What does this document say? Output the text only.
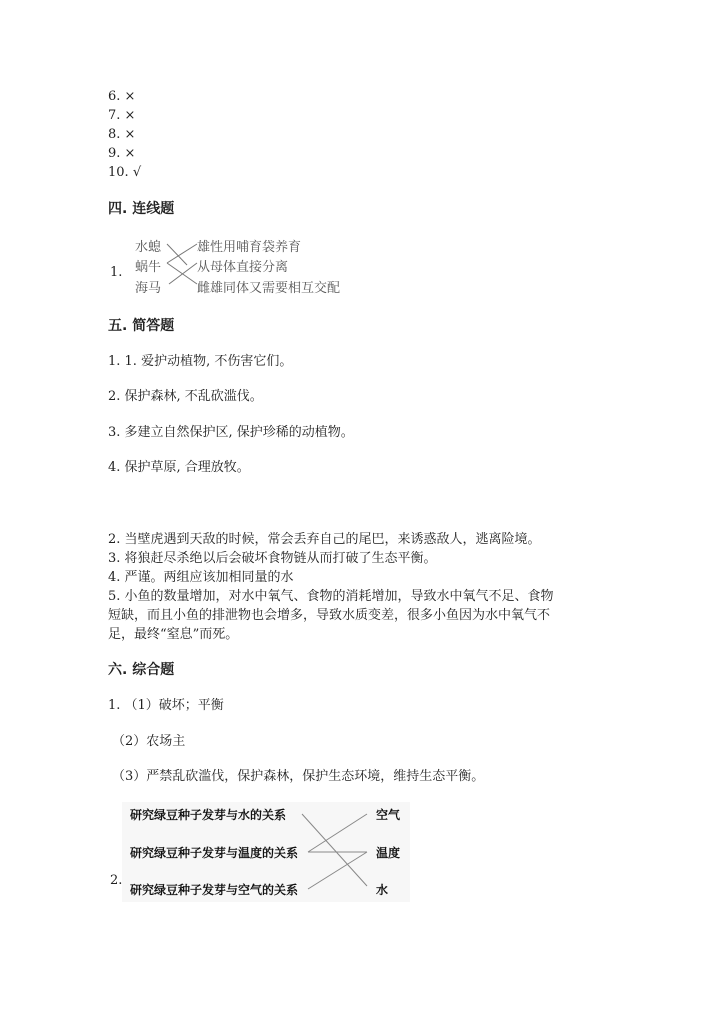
6. ×
7. ×
8. ×
9. ×
10. √
四. 连线题
1.
水螅
蜗牛
海马
雄性用哺育袋养育
从母体直接分离
雌雄同体又需要相互交配
五. 简答题
1. 1. 爱护动植物, 不伤害它们。
2. 保护森林, 不乱砍滥伐。
3. 多建立自然保护区, 保护珍稀的动植物。
4. 保护草原, 合理放牧。
2. 当壁虎遇到天敌的时候，常会丢弃自己的尾巴，来诱惑敌人，逃离险境。
3. 将狼赶尽杀绝以后会破坏食物链从而打破了生态平衡。
4. 严谨。两组应该加相同量的水
5. 小鱼的数量增加，对水中氧气、食物的消耗增加，导致水中氧气不足、食物
短缺，而且小鱼的排泄物也会增多，导致水质变差，很多小鱼因为水中氧气不
足，最终“窒息”而死。
六. 综合题
1. （1）破坏；平衡
（2）农场主
（3）严禁乱砍滥伐，保护森林，保护生态环境，维持生态平衡。
2.
研究绿豆种子发芽与水的关系
研究绿豆种子发芽与温度的关系
研究绿豆种子发芽与空气的关系
空气
温度
水
